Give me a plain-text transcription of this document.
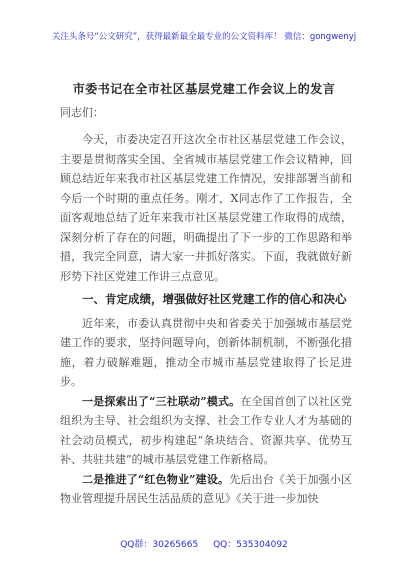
关注头条号“公文研究”，获得最新最全最专业的公文资料库！ 微信：gongwenyj
市委书记在全市社区基层党建工作会议上的发言
同志们：

今天，市委决定召开这次全市社区基层党建工作会议，主要是贯彻落实全国、全省城市基层党建工作会议精神，回顾总结近年来我市社区基层党建工作情况，安排部署当前和今后一个时期的重点任务。刚才，X同志作了工作报告，全面客观地总结了近年来我市社区基层党建工作取得的成绩，深刻分析了存在的问题，明确提出了下一步的工作思路和举措，我完全同意，请大家一并抓好落实。下面，我就做好新形势下社区党建工作讲三点意见。

一、肯定成绩，增强做好社区党建工作的信心和决心

近年来，市委认真贯彻中央和省委关于加强城市基层党建工作的要求，坚持问题导向，创新体制机制，不断强化措施，着力破解难题，推动全市城市基层党建取得了长足进步。

一是探索出了“三社联动”模式。在全国首创了以社区党组织为主导、社会组织为支撑、社会工作专业人才为基础的社会动员模式，初步构建起“条块结合、资源共享、优势互补、共驻共建”的城市基层党建工作新格局。

二是推进了“红色物业”建设。先后出台《关于加强小区物业管理提升居民生活品质的意见》《关于进一步加快

QQ群：30265665 QQ：535304092
